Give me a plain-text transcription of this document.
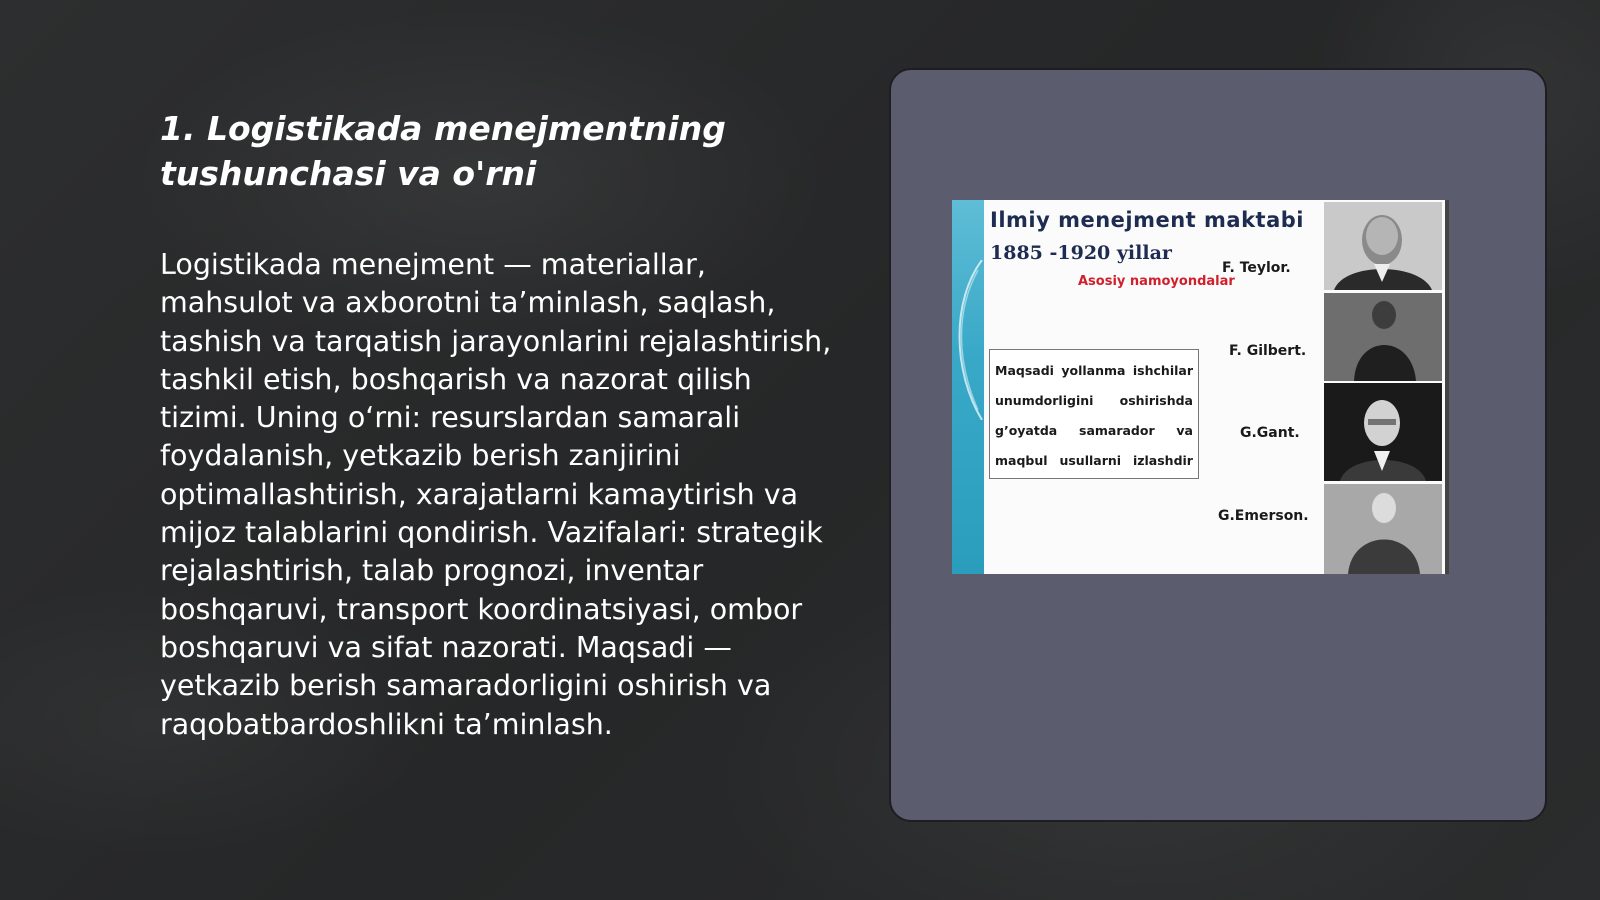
1. Logistikada menejmentning tushunchasi va o'rni

Logistikada menejment — materiallar, mahsulot va axborotni ta’minlash, saqlash, tashish va tarqatish jarayonlarini rejalashtirish, tashkil etish, boshqarish va nazorat qilish tizimi. Uning o‘rni: resurslardan samarali foydalanish, yetkazib berish zanjirini optimallashtirish, xarajatlarni kamaytirish va mijoz talablarini qondirish. Vazifalari: strategik rejalashtirish, talab prognozi, inventar boshqaruvi, transport koordinatsiyasi, ombor boshqaruvi va sifat nazorati. Maqsadi — yetkazib berish samaradorligini oshirish va raqobatbardoshlikni ta’minlash.

Ilmiy menejment maktabi

1885 -1920 yillar

Asosiy namoyondalar

Maqsadi yollanma ishchilar
unumdorligini oshirishda
g’oyatda samarador va
maqbul usullarni izlashdir
F. Teylor.
F. Gilbert.
G.Gant.
G.Emerson.
